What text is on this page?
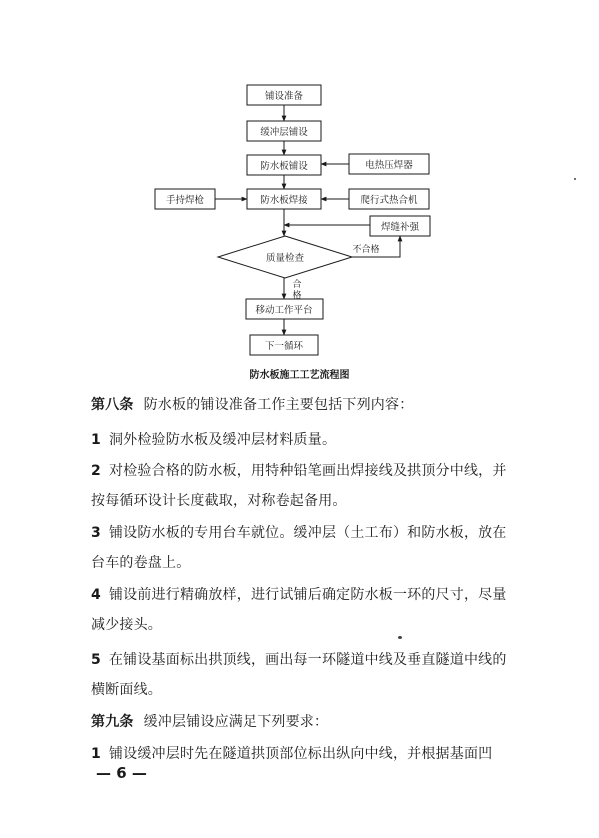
铺设准备
缓冲层铺设
防水板铺设
防水板焊接
手持焊枪
电热压焊器
爬行式热合机
焊缝补强
质量检查
不合格
合
格
移动工作平台
下一循环
防水板施工工艺流程图
第八条 防水板的铺设准备工作主要包括下列内容：
1 洞外检验防水板及缓冲层材料质量。
2 对检验合格的防水板，用特种铅笔画出焊接线及拱顶分中线，并按每循环设计长度截取，对称卷起备用。
3 铺设防水板的专用台车就位。缓冲层（土工布）和防水板，放在台车的卷盘上。
4 铺设前进行精确放样，进行试铺后确定防水板一环的尺寸，尽量减少接头。
5 在铺设基面标出拱顶线，画出每一环隧道中线及垂直隧道中线的横断面线。
第九条 缓冲层铺设应满足下列要求：
1 铺设缓冲层时先在隧道拱顶部位标出纵向中线，并根据基面凹
— 6 —
